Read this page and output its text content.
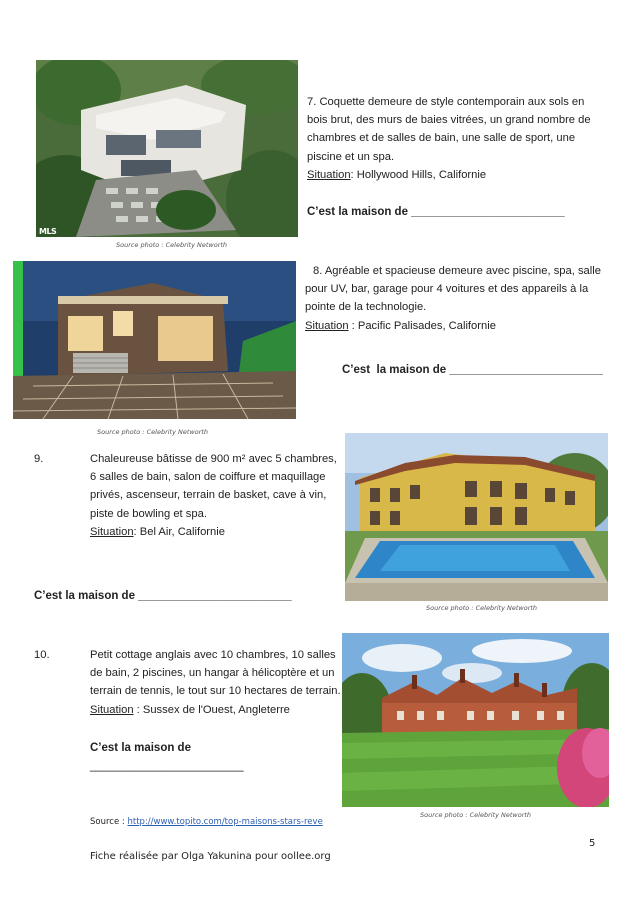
MLS
Source photo : Celebrity Networth
7. Coquette demeure de style contemporain aux sols en bois brut, des murs de baies vitrées, un grand nombre de chambres et de salles de bain, une salle de sport, une piscine et un spa.
Situation: Hollywood Hills, Californie
C’est la maison de ________________________
Source photo : Celebrity Networth
8. Agréable et spacieuse demeure avec piscine, spa, salle pour UV, bar, garage pour 4 voitures et des appareils à la pointe de la technologie.
Situation : Pacific Palisades, Californie
C’est  la maison de ________________________
9.	Chaleureuse bâtisse de 900 m² avec 5 chambres, 6 salles de bain, salon de coiffure et maquillage privés, ascenseur, terrain de basket, cave à vin, piste de bowling et spa.
Situation: Bel Air, Californie
C’est la maison de ________________________
Source photo : Celebrity Networth
10.	Petit cottage anglais avec 10 chambres, 10 salles de bain, 2 piscines, un hangar à hélicoptère et un terrain de tennis, le tout sur 10 hectares de terrain.
Situation : Sussex de l'Ouest, Angleterre
C’est la maison de
________________________
Source photo : Celebrity Networth
Source : http://www.topito.com/top-maisons-stars-reve
5
Fiche réalisée par Olga Yakunina pour oollee.org
